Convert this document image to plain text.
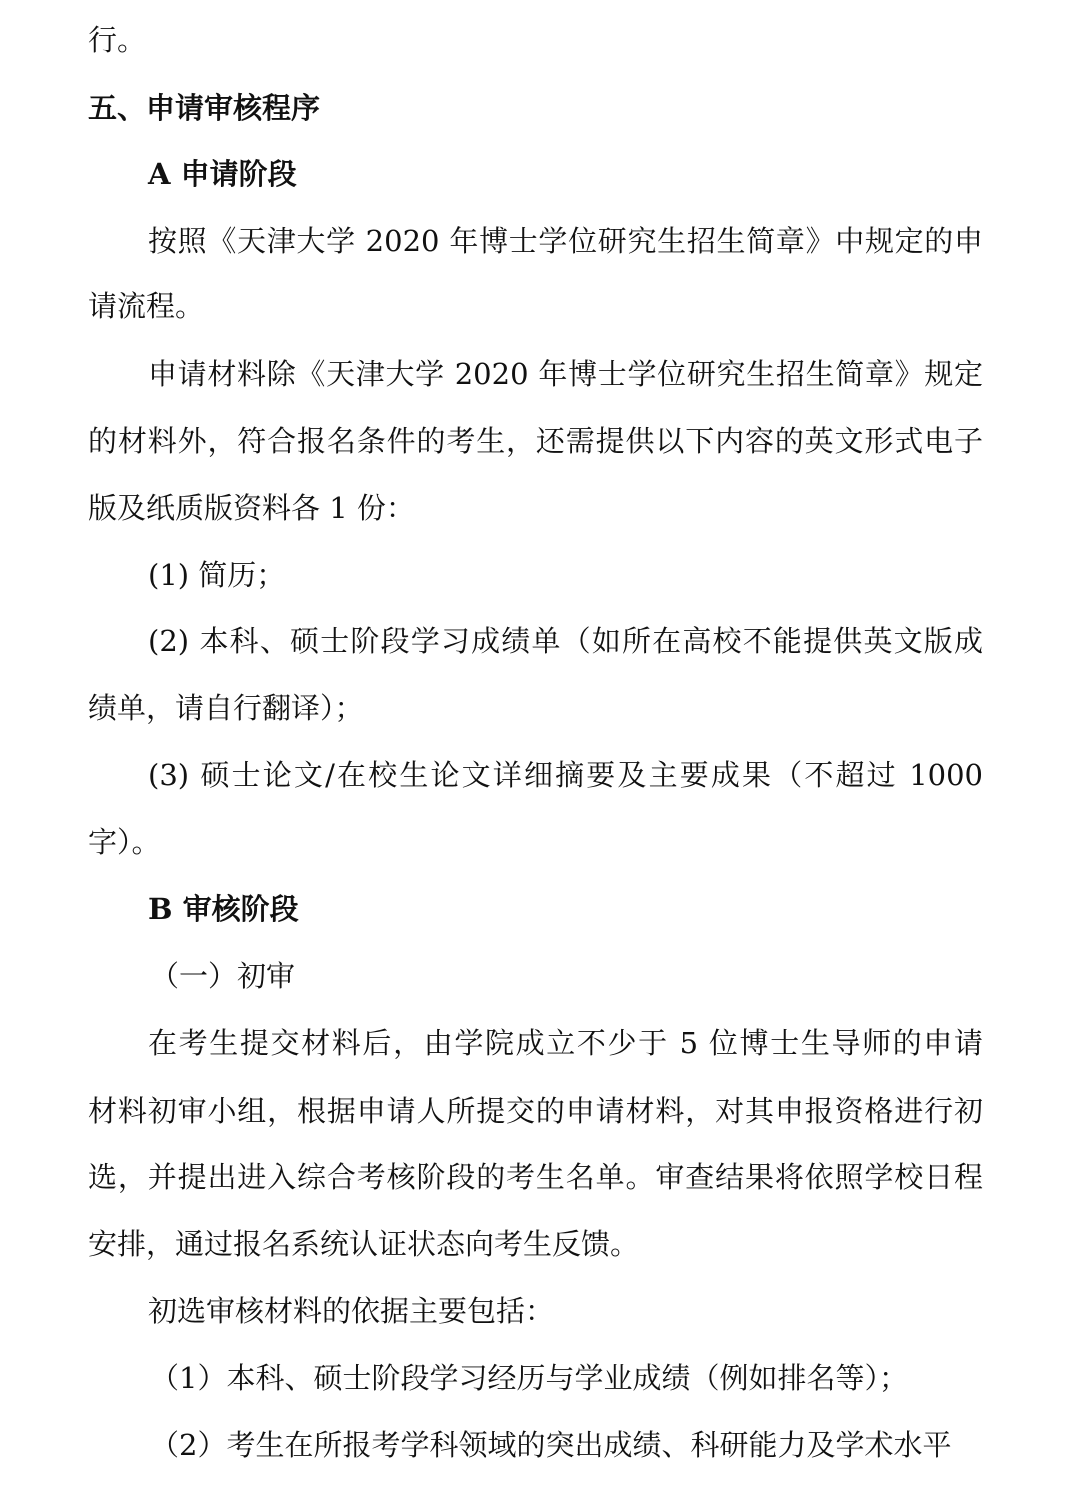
行。
五、申请审核程序
A 申请阶段
按照《天津大学 2020 年博士学位研究生招生简章》中规定的申
请流程。
申请材料除《天津大学 2020 年博士学位研究生招生简章》规定
的材料外，符合报名条件的考生，还需提供以下内容的英文形式电子
版及纸质版资料各 1 份：
(1) 简历；
(2) 本科、硕士阶段学习成绩单（如所在高校不能提供英文版成
绩单，请自行翻译）；
(3) 硕士论文/在校生论文详细摘要及主要成果（不超过 1000
字）。
B 审核阶段
（一）初审
在考生提交材料后，由学院成立不少于 5 位博士生导师的申请
材料初审小组，根据申请人所提交的申请材料，对其申报资格进行初
选，并提出进入综合考核阶段的考生名单。审查结果将依照学校日程
安排，通过报名系统认证状态向考生反馈。
初选审核材料的依据主要包括：
（1）本科、硕士阶段学习经历与学业成绩（例如排名等）；
（2）考生在所报考学科领域的突出成绩、科研能力及学术水平
